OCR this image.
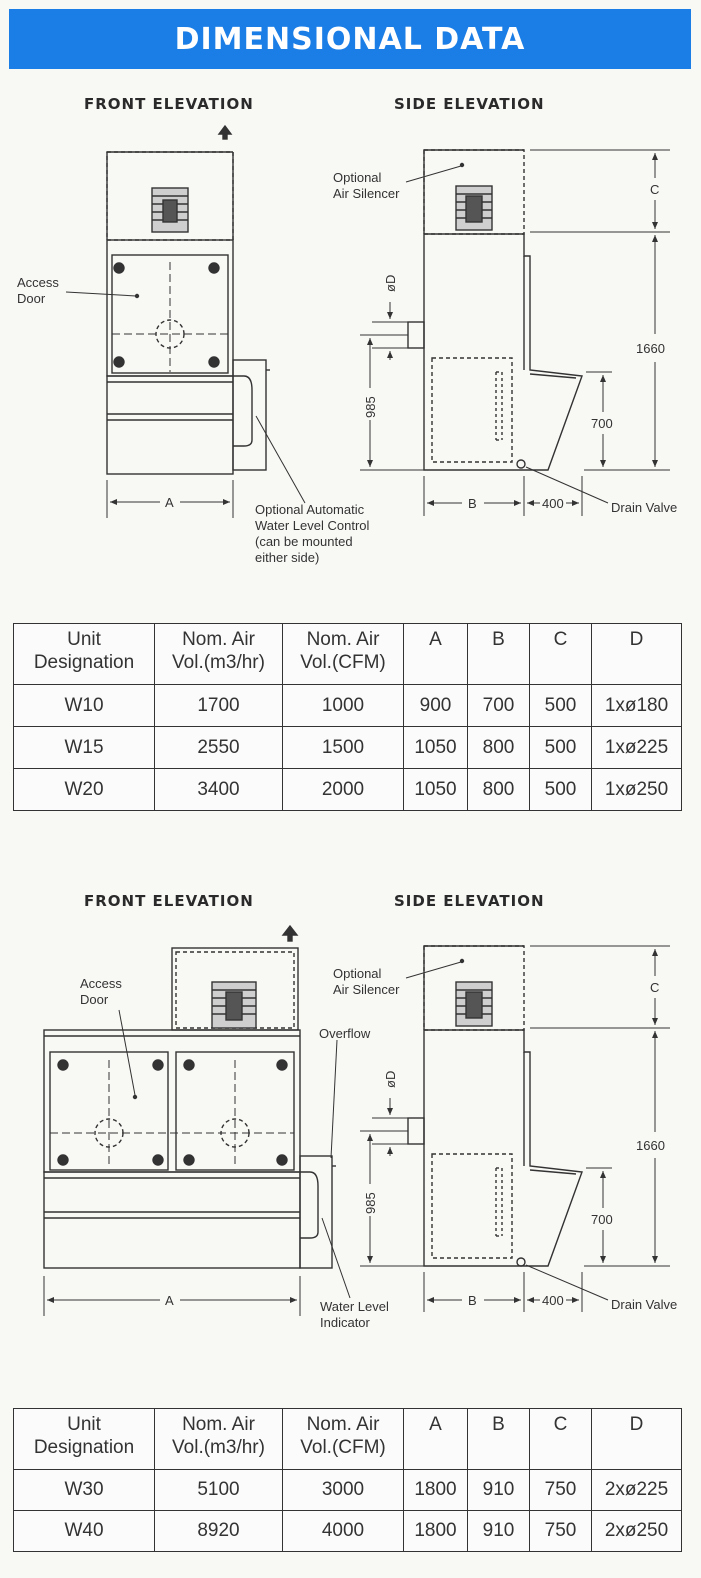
DIMENSIONAL DATA
FRONT ELEVATION	SIDE ELEVATION
Access
Door
A	Optional Automatic
Water Level Control
(can be mounted
either side)
Optional
Air Silencer	C
1660
700
B	400	Drain Valve
øD
985
Unit
Designation	Nom. Air
Vol.(m3/hr)	Nom. Air
Vol.(CFM)	A	B	C	D
W10	1700	1000	900	700	500	1xø180
W15	2550	1500	1050	800	500	1xø225
W20	3400	2000	1050	800	500	1xø250
FRONT ELEVATION	SIDE ELEVATION
Access
Door
Overflow
A	Water Level
Indicator
Optional
Air Silencer	C
1660
700
B	400	Drain Valve
øD
985
Unit
Designation	Nom. Air
Vol.(m3/hr)	Nom. Air
Vol.(CFM)	A	B	C	D
W30	5100	3000	1800	910	750	2xø225
W40	8920	4000	1800	910	750	2xø250
